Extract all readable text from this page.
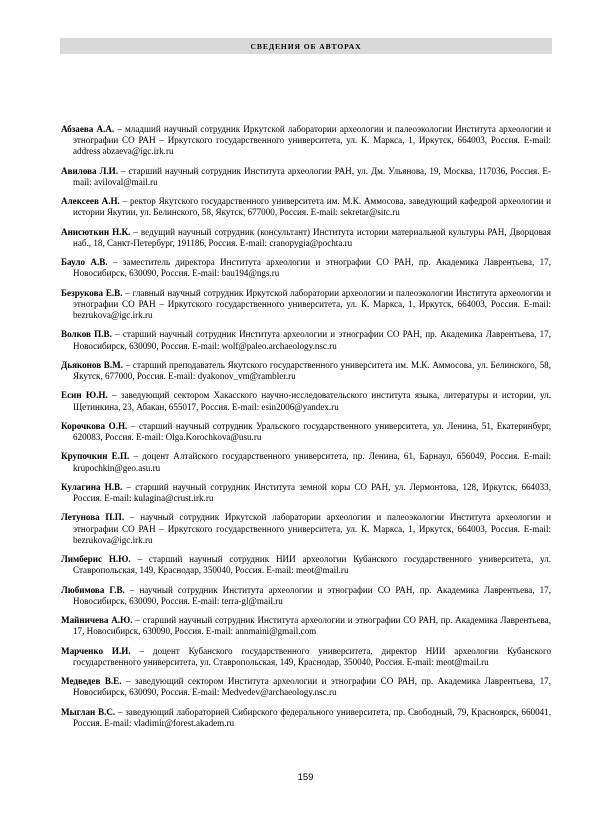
СВЕДЕНИЯ ОБ АВТОРАХ

Абзаева А.А. – младший научный сотрудник Иркутской лаборатории археологии и палеоэкологии Института археологии и этнографии СО РАН – Иркутского государственного университета, ул. К. Маркса, 1, Иркутск, 664003, Россия. E-mail: address abzaeva@igc.irk.ru

Авилова Л.И. – старший научный сотрудник Института археологии РАН, ул. Дм. Ульянова, 19, Москва, 117036, Россия. E-mail: aviloval@mail.ru

Алексеев А.Н. – ректор Якутского государственного университета им. М.К. Аммосова, заведующий кафедрой археологии и истории Якутии, ул. Белинского, 58, Якутск, 677000, Россия. E-mail: sekretar@sitc.ru

Анисюткин Н.К. – ведущий научный сотрудник (консультант) Института истории материальной культуры РАН, Дворцовая наб., 18, Санкт-Петербург, 191186, Россия. E-mail: cranopygia@pochta.ru

Бауло А.В. – заместитель директора Института археологии и этнографии СО РАН, пр. Академика Лаврентьева, 17, Новосибирск, 630090, Россия. E-mail: bau194@ngs.ru

Безрукова Е.В. – главный научный сотрудник Иркутской лаборатории археологии и палеоэкологии Института археологии и этнографии СО РАН – Иркутского государственного университета, ул. К. Маркса, 1, Иркутск, 664003, Россия. E-mail: bezrukova@igc.irk.ru

Волков П.В. – старший научный сотрудник Института археологии и этнографии СО РАН, пр. Академика Лаврентьева, 17, Новосибирск, 630090, Россия. E-mail: wolf@paleo.archaeology.nsc.ru

Дьяконов В.М. – старший преподаватель Якутского государственного университета им. М.К. Аммосова, ул. Белинского, 58, Якутск, 677000, Россия. E-mail: dyakonov_vm@rambler.ru

Есин Ю.Н. – заведующий сектором Хакасского научно-исследовательского института языка, литературы и истории, ул. Щетинкина, 23, Абакан, 655017, Россия. E-mail: esin2006@yandex.ru

Корочкова О.Н. – старший научный сотрудник Уральского государственного университета, ул. Ленина, 51, Екатеринбург, 620083, Россия. E-mail: Olga.Korochkova@usu.ru

Крупочкин Е.П. – доцент Алтайского государственного университета, пр. Ленина, 61, Барнаул, 656049, Россия. E-mail: krupochkin@geo.asu.ru

Кулагина Н.В. – старший научный сотрудник Института земной коры СО РАН, ул. Лермонтова, 128, Иркутск, 664033, Россия. E-mail: kulagina@crust.irk.ru

Летунова П.П. – научный сотрудник Иркутской лаборатории археологии и палеоэкологии Института археологии и этнографии СО РАН – Иркутского государственного университета, ул. К. Маркса, 1, Иркутск, 664003, Россия. E-mail: bezrukova@igc.irk.ru

Лимберис Н.Ю. – старший научный сотрудник НИИ археологии Кубанского государственного университета, ул. Ставропольская, 149, Краснодар, 350040, Россия. E-mail: meot@mail.ru

Любимова Г.В. – научный сотрудник Института археологии и этнографии СО РАН, пр. Академика Лаврентьева, 17, Новосибирск, 630090, Россия. E-mail: terra-gl@mail.ru

Майничева А.Ю. – старший научный сотрудник Института археологии и этнографии СО РАН, пр. Академика Лаврентьева, 17, Новосибирск, 630090, Россия. E-mail: annmaini@gmail.com

Марченко И.И. – доцент Кубанского государственного университета, директор НИИ археологии Кубанского государственного университета, ул. Ставропольская, 149, Краснодар, 350040, Россия. E-mail: meot@mail.ru

Медведев В.Е. – заведующий сектором Института археологии и этнографии СО РАН, пр. Академика Лаврентьева, 17, Новосибирск, 630090, Россия. E-mail: Medvedev@archaeology.nsc.ru

Мыглан В.С. – заведующий лабораторией Сибирского федерального университета, пр. Свободный, 79, Красноярск, 660041, Россия. E-mail: vladimir@forest.akadem.ru

159
